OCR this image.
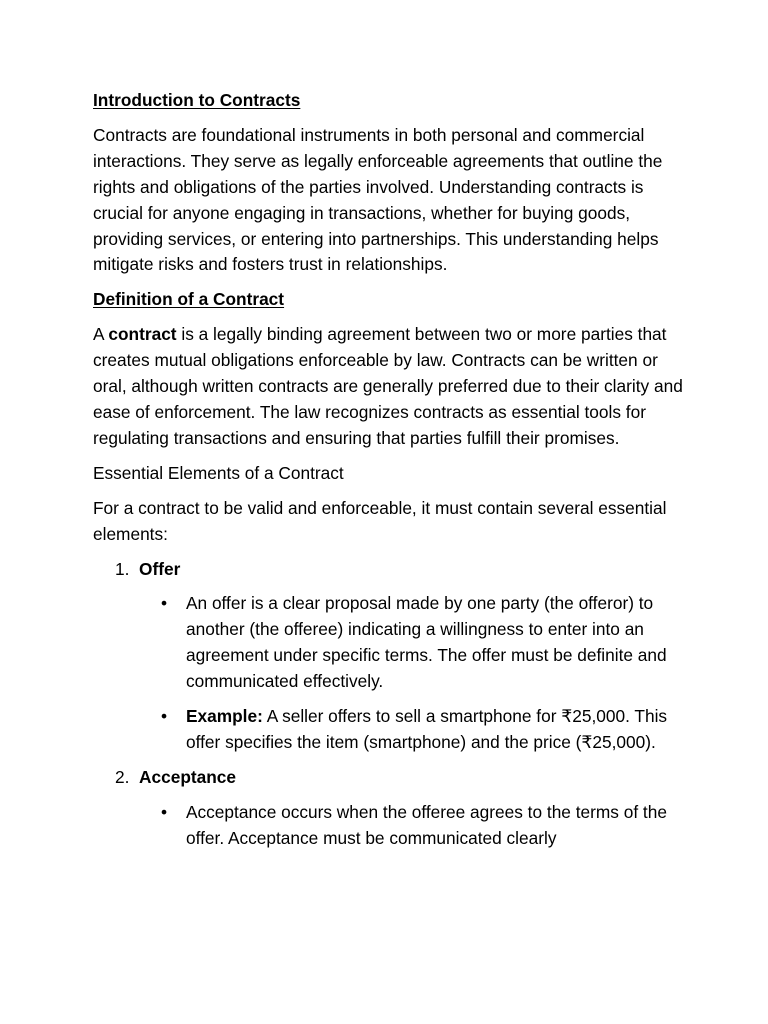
Introduction to Contracts

Contracts are foundational instruments in both personal and commercial interactions. They serve as legally enforceable agreements that outline the rights and obligations of the parties involved. Understanding contracts is crucial for anyone engaging in transactions, whether for buying goods, providing services, or entering into partnerships. This understanding helps mitigate risks and fosters trust in relationships.

Definition of a Contract

A contract is a legally binding agreement between two or more parties that creates mutual obligations enforceable by law. Contracts can be written or oral, although written contracts are generally preferred due to their clarity and ease of enforcement. The law recognizes contracts as essential tools for regulating transactions and ensuring that parties fulfill their promises.

Essential Elements of a Contract

For a contract to be valid and enforceable, it must contain several essential elements:

1. Offer
• An offer is a clear proposal made by one party (the offeror) to another (the offeree) indicating a willingness to enter into an agreement under specific terms. The offer must be definite and communicated effectively.
• Example: A seller offers to sell a smartphone for ₹25,000. This offer specifies the item (smartphone) and the price (₹25,000).
2. Acceptance
• Acceptance occurs when the offeree agrees to the terms of the offer. Acceptance must be communicated clearly
